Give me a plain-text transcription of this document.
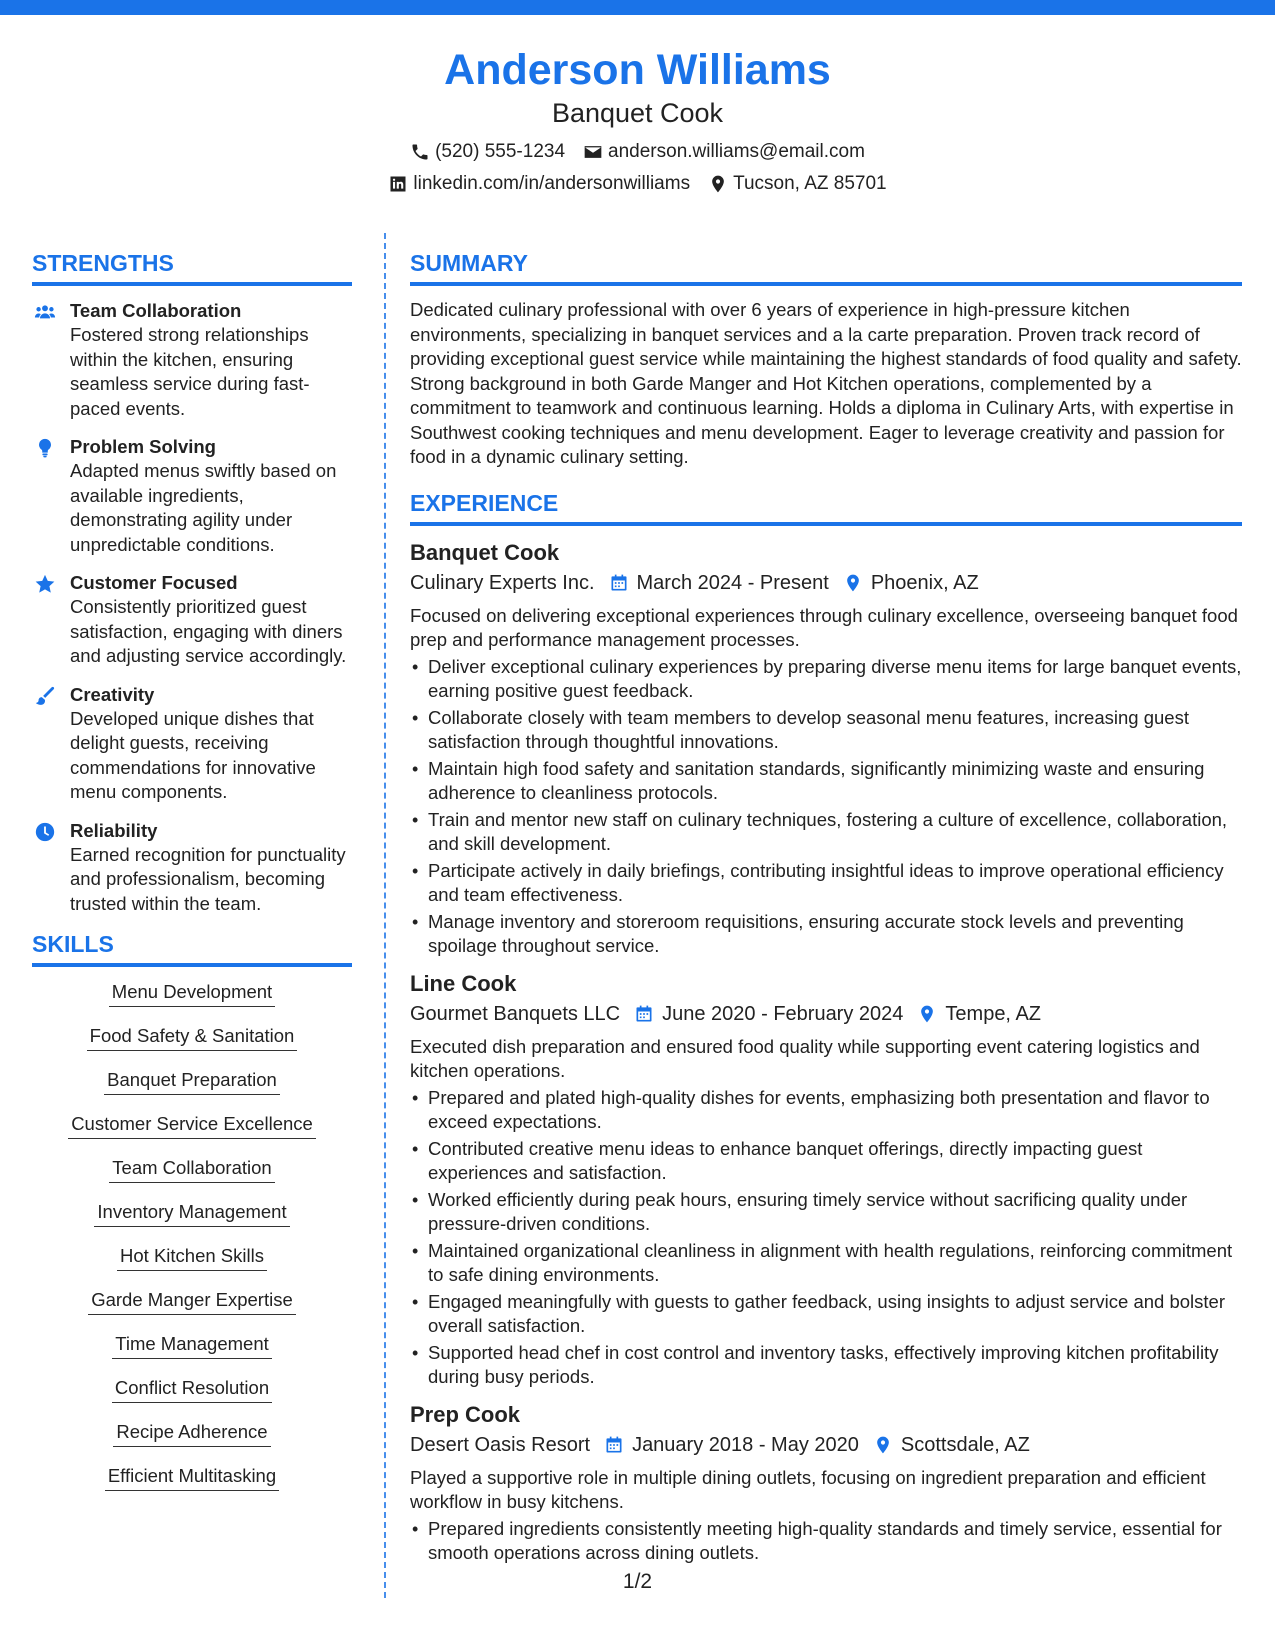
Anderson Williams
Banquet Cook
(520) 555-1234 anderson.williams@email.com
linkedin.com/in/andersonwilliams Tucson, AZ 85701
STRENGTHS
Team Collaboration
Fostered strong relationships within the kitchen, ensuring seamless service during fast-paced events.
Problem Solving
Adapted menus swiftly based on available ingredients, demonstrating agility under unpredictable conditions.
Customer Focused
Consistently prioritized guest satisfaction, engaging with diners and adjusting service accordingly.
Creativity
Developed unique dishes that delight guests, receiving commendations for innovative menu components.
Reliability
Earned recognition for punctuality and professionalism, becoming trusted within the team.
SKILLS
Menu Development
Food Safety & Sanitation
Banquet Preparation
Customer Service Excellence
Team Collaboration
Inventory Management
Hot Kitchen Skills
Garde Manger Expertise
Time Management
Conflict Resolution
Recipe Adherence
Efficient Multitasking
SUMMARY
Dedicated culinary professional with over 6 years of experience in high-pressure kitchen environments, specializing in banquet services and a la carte preparation. Proven track record of providing exceptional guest service while maintaining the highest standards of food quality and safety. Strong background in both Garde Manger and Hot Kitchen operations, complemented by a commitment to teamwork and continuous learning. Holds a diploma in Culinary Arts, with expertise in Southwest cooking techniques and menu development. Eager to leverage creativity and passion for food in a dynamic culinary setting.
EXPERIENCE
Banquet Cook
Culinary Experts Inc. March 2024 - Present Phoenix, AZ
Focused on delivering exceptional experiences through culinary excellence, overseeing banquet food prep and performance management processes.
• Deliver exceptional culinary experiences by preparing diverse menu items for large banquet events, earning positive guest feedback.
• Collaborate closely with team members to develop seasonal menu features, increasing guest satisfaction through thoughtful innovations.
• Maintain high food safety and sanitation standards, significantly minimizing waste and ensuring adherence to cleanliness protocols.
• Train and mentor new staff on culinary techniques, fostering a culture of excellence, collaboration, and skill development.
• Participate actively in daily briefings, contributing insightful ideas to improve operational efficiency and team effectiveness.
• Manage inventory and storeroom requisitions, ensuring accurate stock levels and preventing spoilage throughout service.
Line Cook
Gourmet Banquets LLC June 2020 - February 2024 Tempe, AZ
Executed dish preparation and ensured food quality while supporting event catering logistics and kitchen operations.
• Prepared and plated high-quality dishes for events, emphasizing both presentation and flavor to exceed expectations.
• Contributed creative menu ideas to enhance banquet offerings, directly impacting guest experiences and satisfaction.
• Worked efficiently during peak hours, ensuring timely service without sacrificing quality under pressure-driven conditions.
• Maintained organizational cleanliness in alignment with health regulations, reinforcing commitment to safe dining environments.
• Engaged meaningfully with guests to gather feedback, using insights to adjust service and bolster overall satisfaction.
• Supported head chef in cost control and inventory tasks, effectively improving kitchen profitability during busy periods.
Prep Cook
Desert Oasis Resort January 2018 - May 2020 Scottsdale, AZ
Played a supportive role in multiple dining outlets, focusing on ingredient preparation and efficient workflow in busy kitchens.
• Prepared ingredients consistently meeting high-quality standards and timely service, essential for smooth operations across dining outlets.
1/2
